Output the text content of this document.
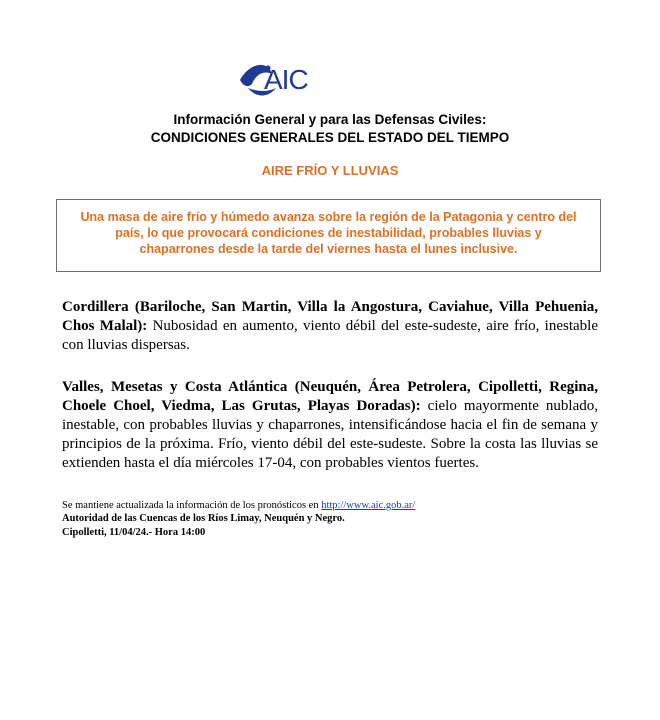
AIC
Información General y para las Defensas Civiles:
CONDICIONES GENERALES DEL ESTADO DEL TIEMPO
AIRE FRÍO Y LLUVIAS
Una masa de aire frío y húmedo avanza sobre la región de la Patagonia y centro del
país, lo que provocará condiciones de inestabilidad, probables lluvias y
chaparrones desde la tarde del viernes hasta el lunes inclusive.
Cordillera (Bariloche, San Martin, Villa la Angostura, Caviahue, Villa Pehuenia, Chos Malal): Nubosidad en aumento, viento débil del este-sudeste, aire frío, inestable con lluvias dispersas.
Valles, Mesetas y Costa Atlántica (Neuquén, Área Petrolera, Cipolletti, Regina, Choele Choel, Viedma, Las Grutas, Playas Doradas): cielo mayormente nublado, inestable, con probables lluvias y chaparrones, intensificándose hacia el fin de semana y principios de la próxima. Frío, viento débil del este-sudeste. Sobre la costa las lluvias se extienden hasta el día miércoles 17-04, con probables vientos fuertes.
Se mantiene actualizada la información de los pronósticos en http://www.aic.gob.ar/
Autoridad de las Cuencas de los Ríos Limay, Neuquén y Negro.
Cipolletti, 11/04/24.- Hora 14:00
